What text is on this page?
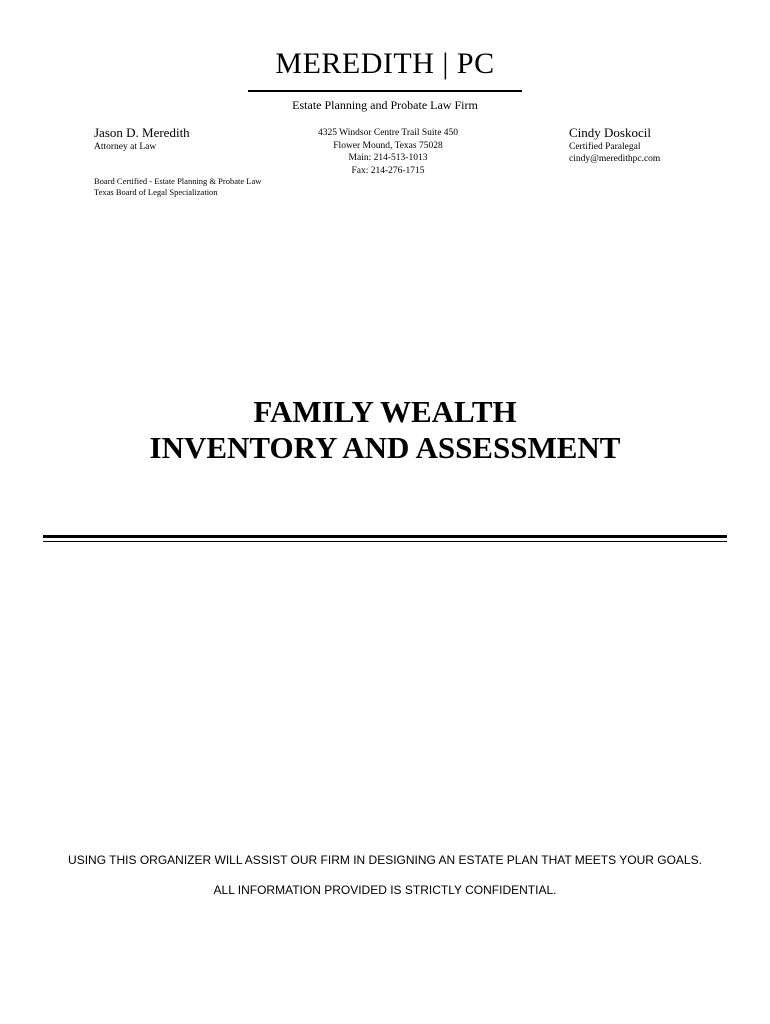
MEREDITH | PC
Estate Planning and Probate Law Firm
Jason D. Meredith
Attorney at Law
Board Certified - Estate Planning & Probate Law
Texas Board of Legal Specialization
4325 Windsor Centre Trail Suite 450
Flower Mound, Texas 75028
Main: 214-513-1013
Fax: 214-276-1715
Cindy Doskocil
Certified Paralegal
cindy@meredithpc.com
FAMILY WEALTH
INVENTORY AND ASSESSMENT
USING THIS ORGANIZER WILL ASSIST OUR FIRM IN DESIGNING AN ESTATE PLAN THAT MEETS YOUR GOALS.
ALL INFORMATION PROVIDED IS STRICTLY CONFIDENTIAL.
